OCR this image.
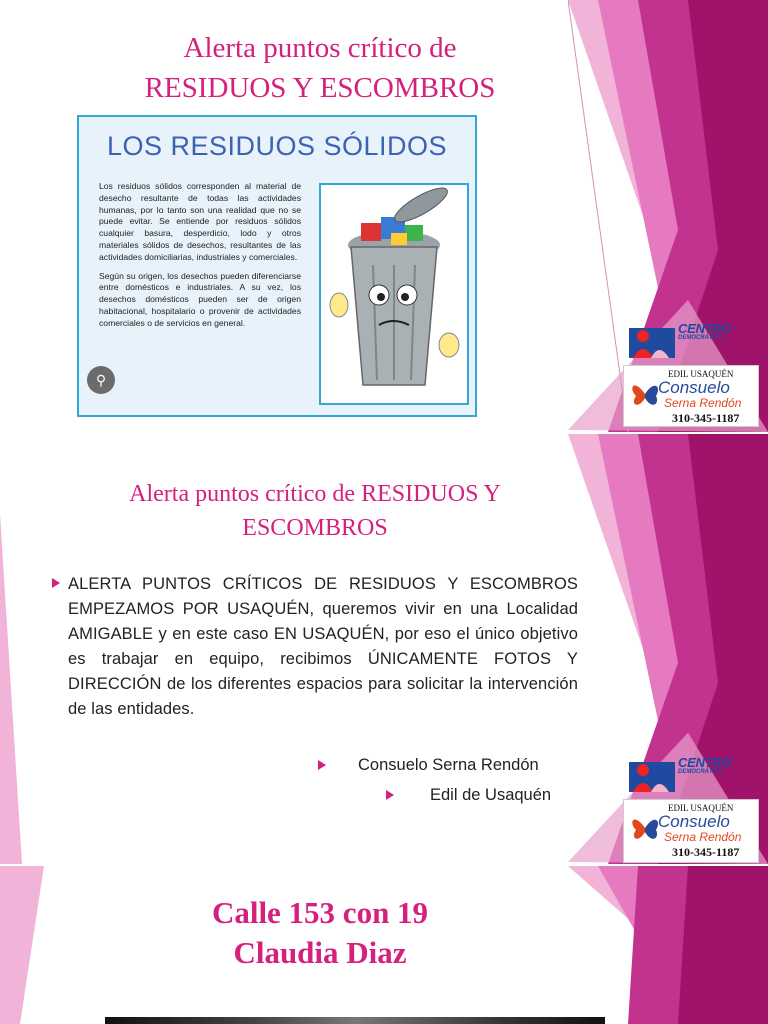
Alerta puntos crítico de
RESIDUOS Y ESCOMBROS
LOS RESIDUOS SÓLIDOS

Los residuos sólidos corresponden al material de desecho resultante de todas las actividades humanas, por lo tanto son una realidad que no se puede evitar. Se entiende por residuos sólidos cualquier basura, desperdicio, lodo y otros materiales sólidos de desechos, resultantes de las actividades domiciliarias, industriales y comerciales.

Según su origen, los desechos pueden diferenciarse entre domésticos e industriales. A su vez, los desechos domésticos pueden ser de origen habitacional, hospitalario o provenir de actividades comerciales o de servicios en general.

⚲
CENTRO
DEMOCRÁTICO
EDIL USAQUÉN
Consuelo
Serna Rendón
310-345-1187
Alerta puntos crítico de RESIDUOS Y ESCOMBROS
ALERTA PUNTOS CRÍTICOS DE RESIDUOS Y ESCOMBROS EMPEZAMOS POR USAQUÉN, queremos vivir en una Localidad AMIGABLE y en este caso EN USAQUÉN, por eso el único objetivo es trabajar en equipo, recibimos ÚNICAMENTE FOTOS Y DIRECCIÓN de los diferentes espacios para solicitar la intervención de las entidades.
Consuelo Serna Rendón
Edil de Usaquén
CENTRO
DEMOCRÁTICO
EDIL USAQUÉN
Consuelo
Serna Rendón
310-345-1187
Calle 153 con 19
Claudia Diaz
